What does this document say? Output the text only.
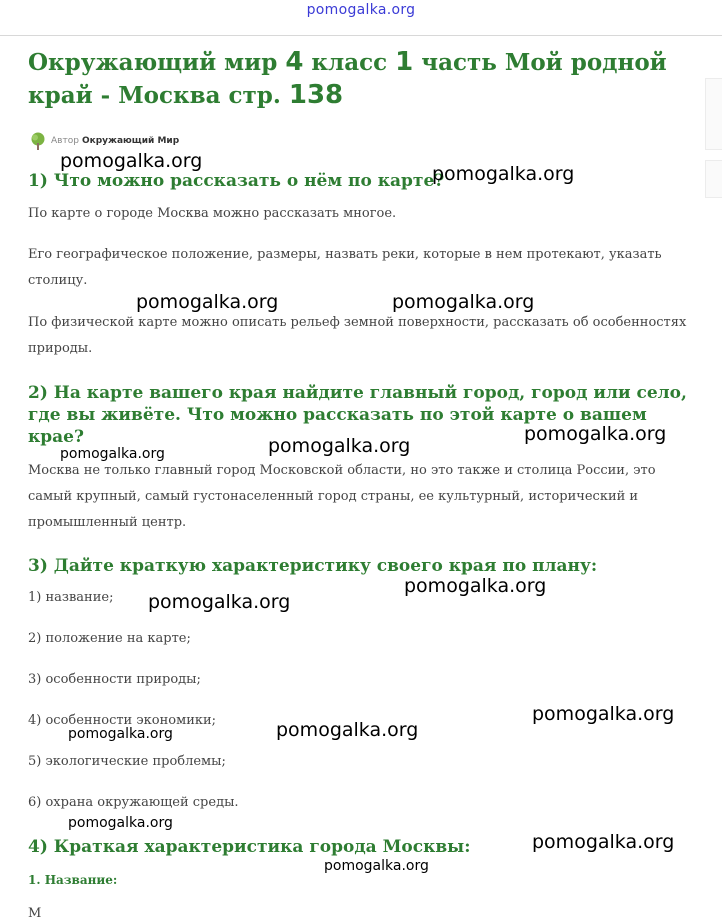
pomogalka.org
Окружающий мир 4 класс 1 часть Мой родной край - Москва стр. 138
Автор Окружающий Мир
1) Что можно рассказать о нём по карте?

По карте о городе Москва можно рассказать многое.

Его географическое положение, размеры, назвать реки, которые в нем протекают, указать столицу.

По физической карте можно описать рельеф земной поверхности, рассказать об особенностях природы.

2) На карте вашего края найдите главный город, город или село, где вы живёте. Что можно рассказать по этой карте о вашем крае?

Москва не только главный город Московской области, но это также и столица России, это самый крупный, самый густонаселенный город страны, ее культурный, исторический и промышленный центр.

3) Дайте краткую характеристику своего края по плану:

1) название;

2) положение на карте;

3) особенности природы;

4) особенности экономики;

5) экологические проблемы;

6) охрана окружающей среды.

4) Краткая характеристика города Москвы:
1. Название:
М
pomogalka.org
pomogalka.org
pomogalka.org	pomogalka.org
pomogalka.org
pomogalka.org
pomogalka.org
pomogalka.org
pomogalka.org
pomogalka.org
pomogalka.org
pomogalka.org
pomogalka.org
pomogalka.org
pomogalka.org
